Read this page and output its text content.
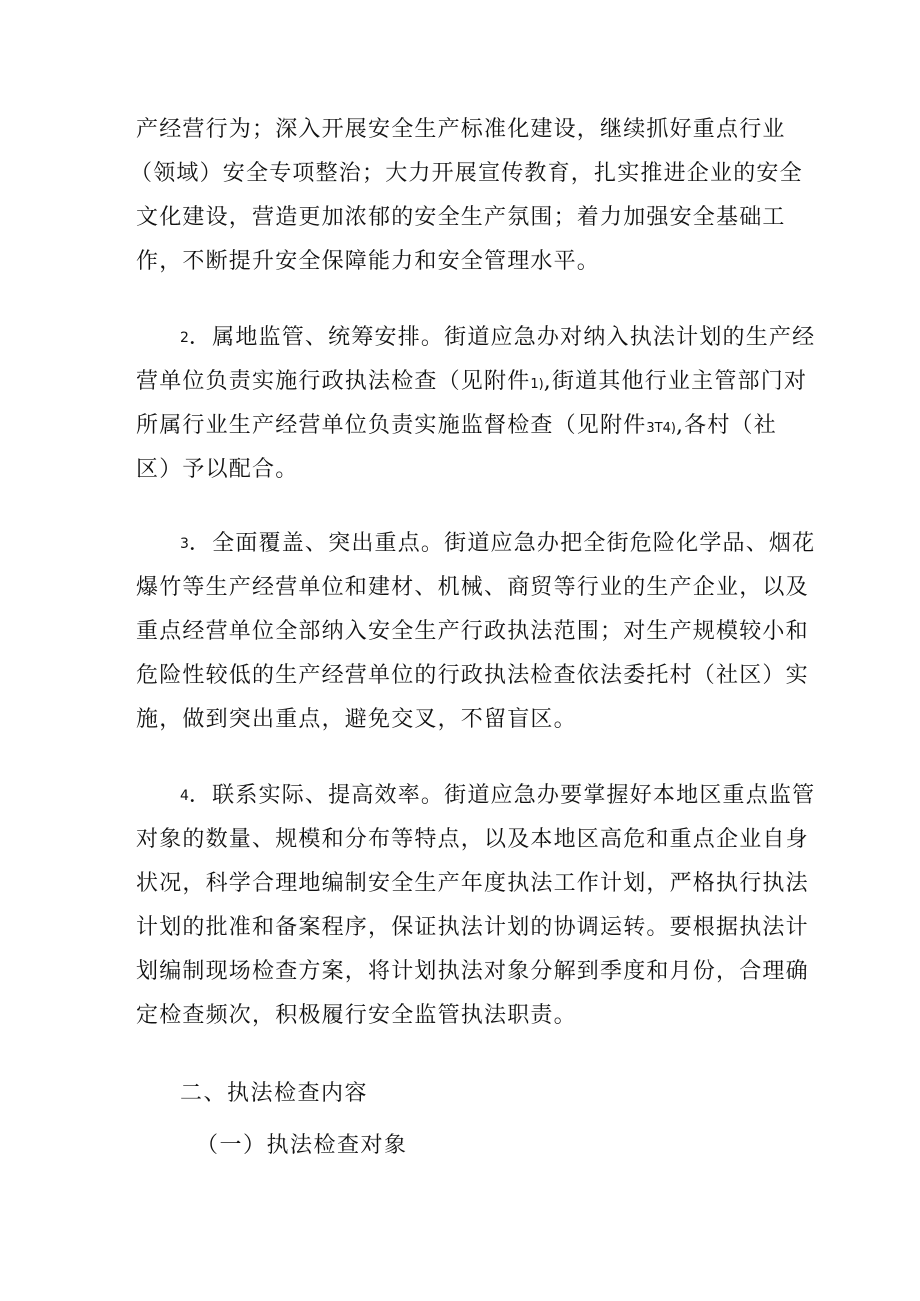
产经营行为；深入开展安全生产标准化建设，继续抓好重点行业
（领域）安全专项整治；大力开展宣传教育，扎实推进企业的安全
文化建设，营造更加浓郁的安全生产氛围；着力加强安全基础工
作，不断提升安全保障能力和安全管理水平。

2．属地监管、统筹安排。街道应急办对纳入执法计划的生产经
营单位负责实施行政执法检查（见附件1),街道其他行业主管部门对
所属行业生产经营单位负责实施监督检查（见附件3T4),各村（社
区）予以配合。

3．全面覆盖、突出重点。街道应急办把全街危险化学品、烟花
爆竹等生产经营单位和建材、机械、商贸等行业的生产企业，以及
重点经营单位全部纳入安全生产行政执法范围；对生产规模较小和
危险性较低的生产经营单位的行政执法检查依法委托村（社区）实
施，做到突出重点，避免交叉，不留盲区。

4．联系实际、提高效率。街道应急办要掌握好本地区重点监管
对象的数量、规模和分布等特点，以及本地区高危和重点企业自身
状况，科学合理地编制安全生产年度执法工作计划，严格执行执法
计划的批准和备案程序，保证执法计划的协调运转。要根据执法计
划编制现场检查方案，将计划执法对象分解到季度和月份，合理确
定检查频次，积极履行安全监管执法职责。

二、执法检查内容
（一）执法检查对象
